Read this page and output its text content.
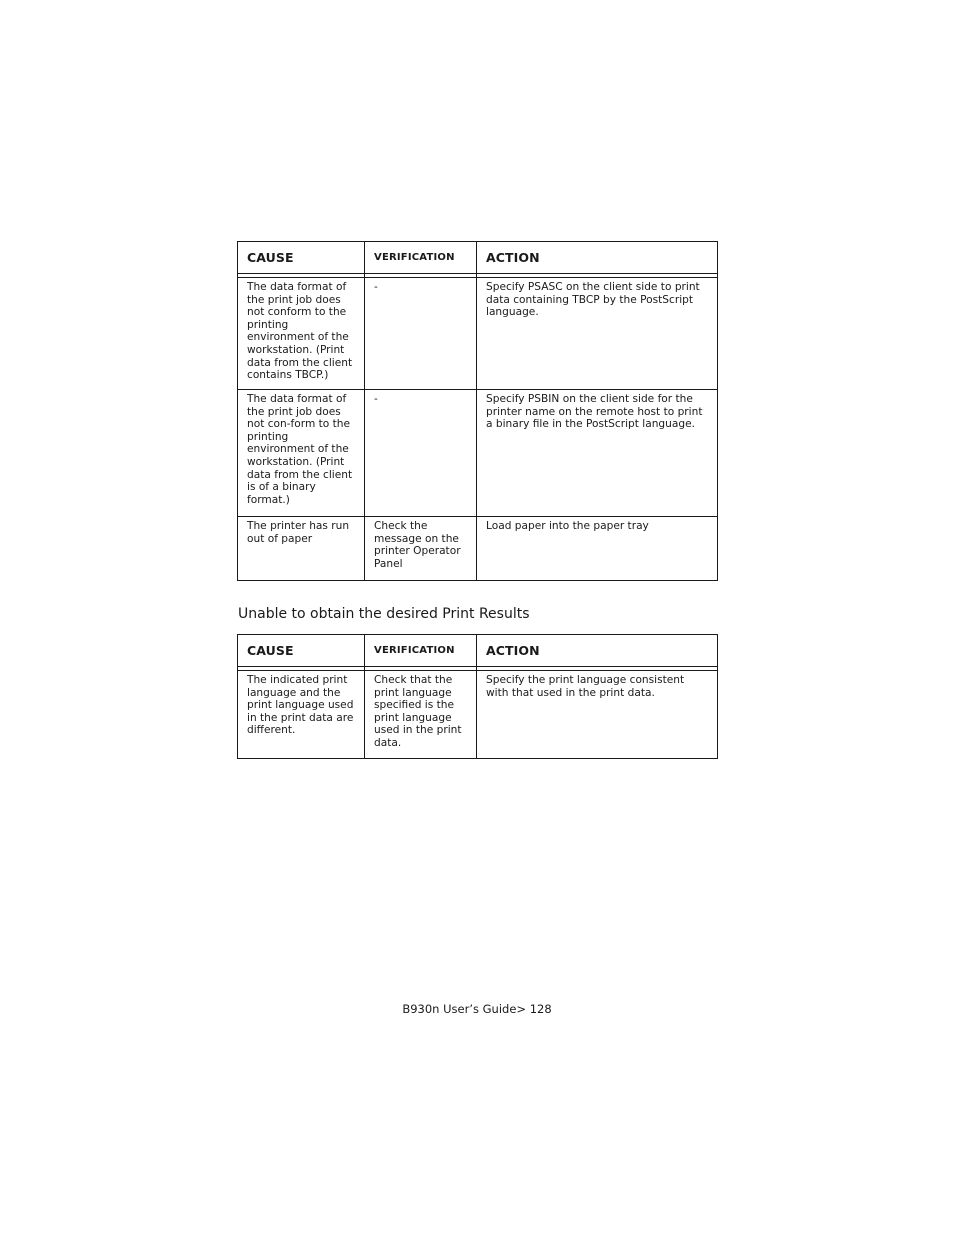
CAUSE	VERIFICATION	ACTION

The data format of the print job does not conform to the printing environment of the workstation. (Print data from the client contains TBCP.)	-	Specify PSASC on the client side to print data containing TBCP by the PostScript language.
The data format of the print job does not con-form to the printing environment of the workstation. (Print data from the client is of a binary format.)	-	Specify PSBIN on the client side for the printer name on the remote host to print a binary file in the PostScript language.
The printer has run out of paper	Check the message on the printer Operator Panel	Load paper into the paper tray
Unable to obtain the desired Print Results
CAUSE	VERIFICATION	ACTION

The indicated print language and the print language used in the print data are different.	Check that the print language specified is the print language used in the print data.	Specify the print language consistent with that used in the print data.
B930n User’s Guide> 128
